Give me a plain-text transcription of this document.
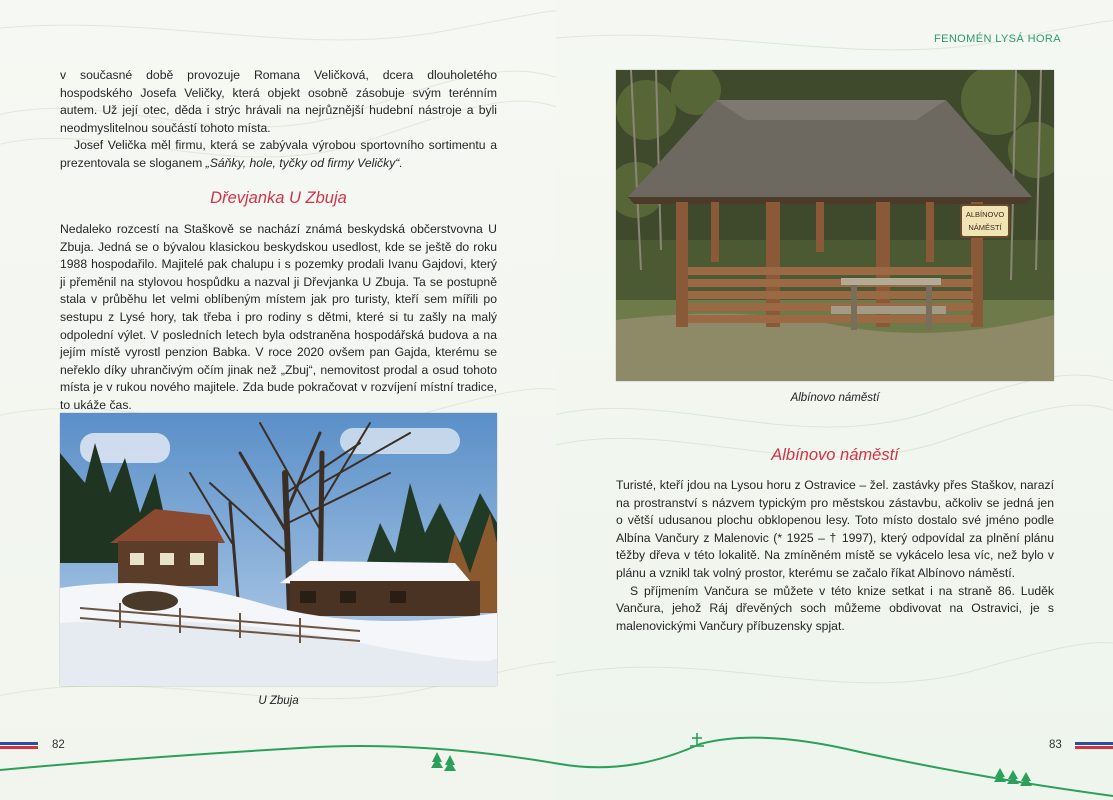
v současné době provozuje Romana Veličková, dcera dlouholetého hospodského Josefa Veličky, která objekt osobně zásobuje svým terénním autem. Už její otec, děda i strýc hrávali na nejrůznější hudební nástroje a byli neodmyslitelnou součástí tohoto místa.

Josef Velička měl firmu, která se zabývala výrobou sportovního sortimentu a prezentovala se sloganem „Sáňky, hole, tyčky od firmy Veličky“.

Dřevjanka U Zbuja

Nedaleko rozcestí na Staškově se nachází známá beskydská občerstvovna U Zbuja. Jedná se o bývalou klasickou beskydskou usedlost, kde se ještě do roku 1988 hospodařilo. Majitelé pak chalupu i s pozemky prodali Ivanu Gajdovi, který ji přeměnil na stylovou hospůdku a nazval ji Dřevjanka U Zbuja. Ta se postupně stala v průběhu let velmi oblíbeným místem jak pro turisty, kteří sem mířili po sestupu z Lysé hory, tak třeba i pro rodiny s dětmi, které si tu zašly na malý odpolední výlet. V posledních letech byla odstraněna hospodářská budova a na jejím místě vyrostl penzion Babka. V roce 2020 ovšem pan Gajda, kterému se neřeklo díky uhrančivým očím jinak než „Zbuj“, nemovitost prodal a osud tohoto místa je v rukou nového majitele. Zda bude pokračovat v rozvíjení místní tradice, to ukáže čas.

U Zbuja
82
FENOMÉN LYSÁ HORA
ALBÍNOVO
NÁMĚSTÍ
Albínovo náměstí
Albínovo náměstí

Turisté, kteří jdou na Lysou horu z Ostravice – žel. zastávky přes Staškov, narazí na prostranství s názvem typickým pro městskou zástavbu, ačkoliv se jedná jen o větší udusanou plochu obklopenou lesy. Toto místo dostalo své jméno podle Albína Vančury z Malenovic (* 1925 – † 1997), který odpovídal za plnění plánu těžby dřeva v této lokalitě. Na zmíněném místě se vykácelo lesa víc, než bylo v plánu a vznikl tak volný prostor, kterému se začalo říkat Albínovo náměstí.

S příjmením Vančura se můžete v této knize setkat i na straně 86. Luděk Vančura, jehož Ráj dřevěných soch můžeme obdivovat na Ostravici, je s malenovickými Vančury příbuzensky spjat.

83
